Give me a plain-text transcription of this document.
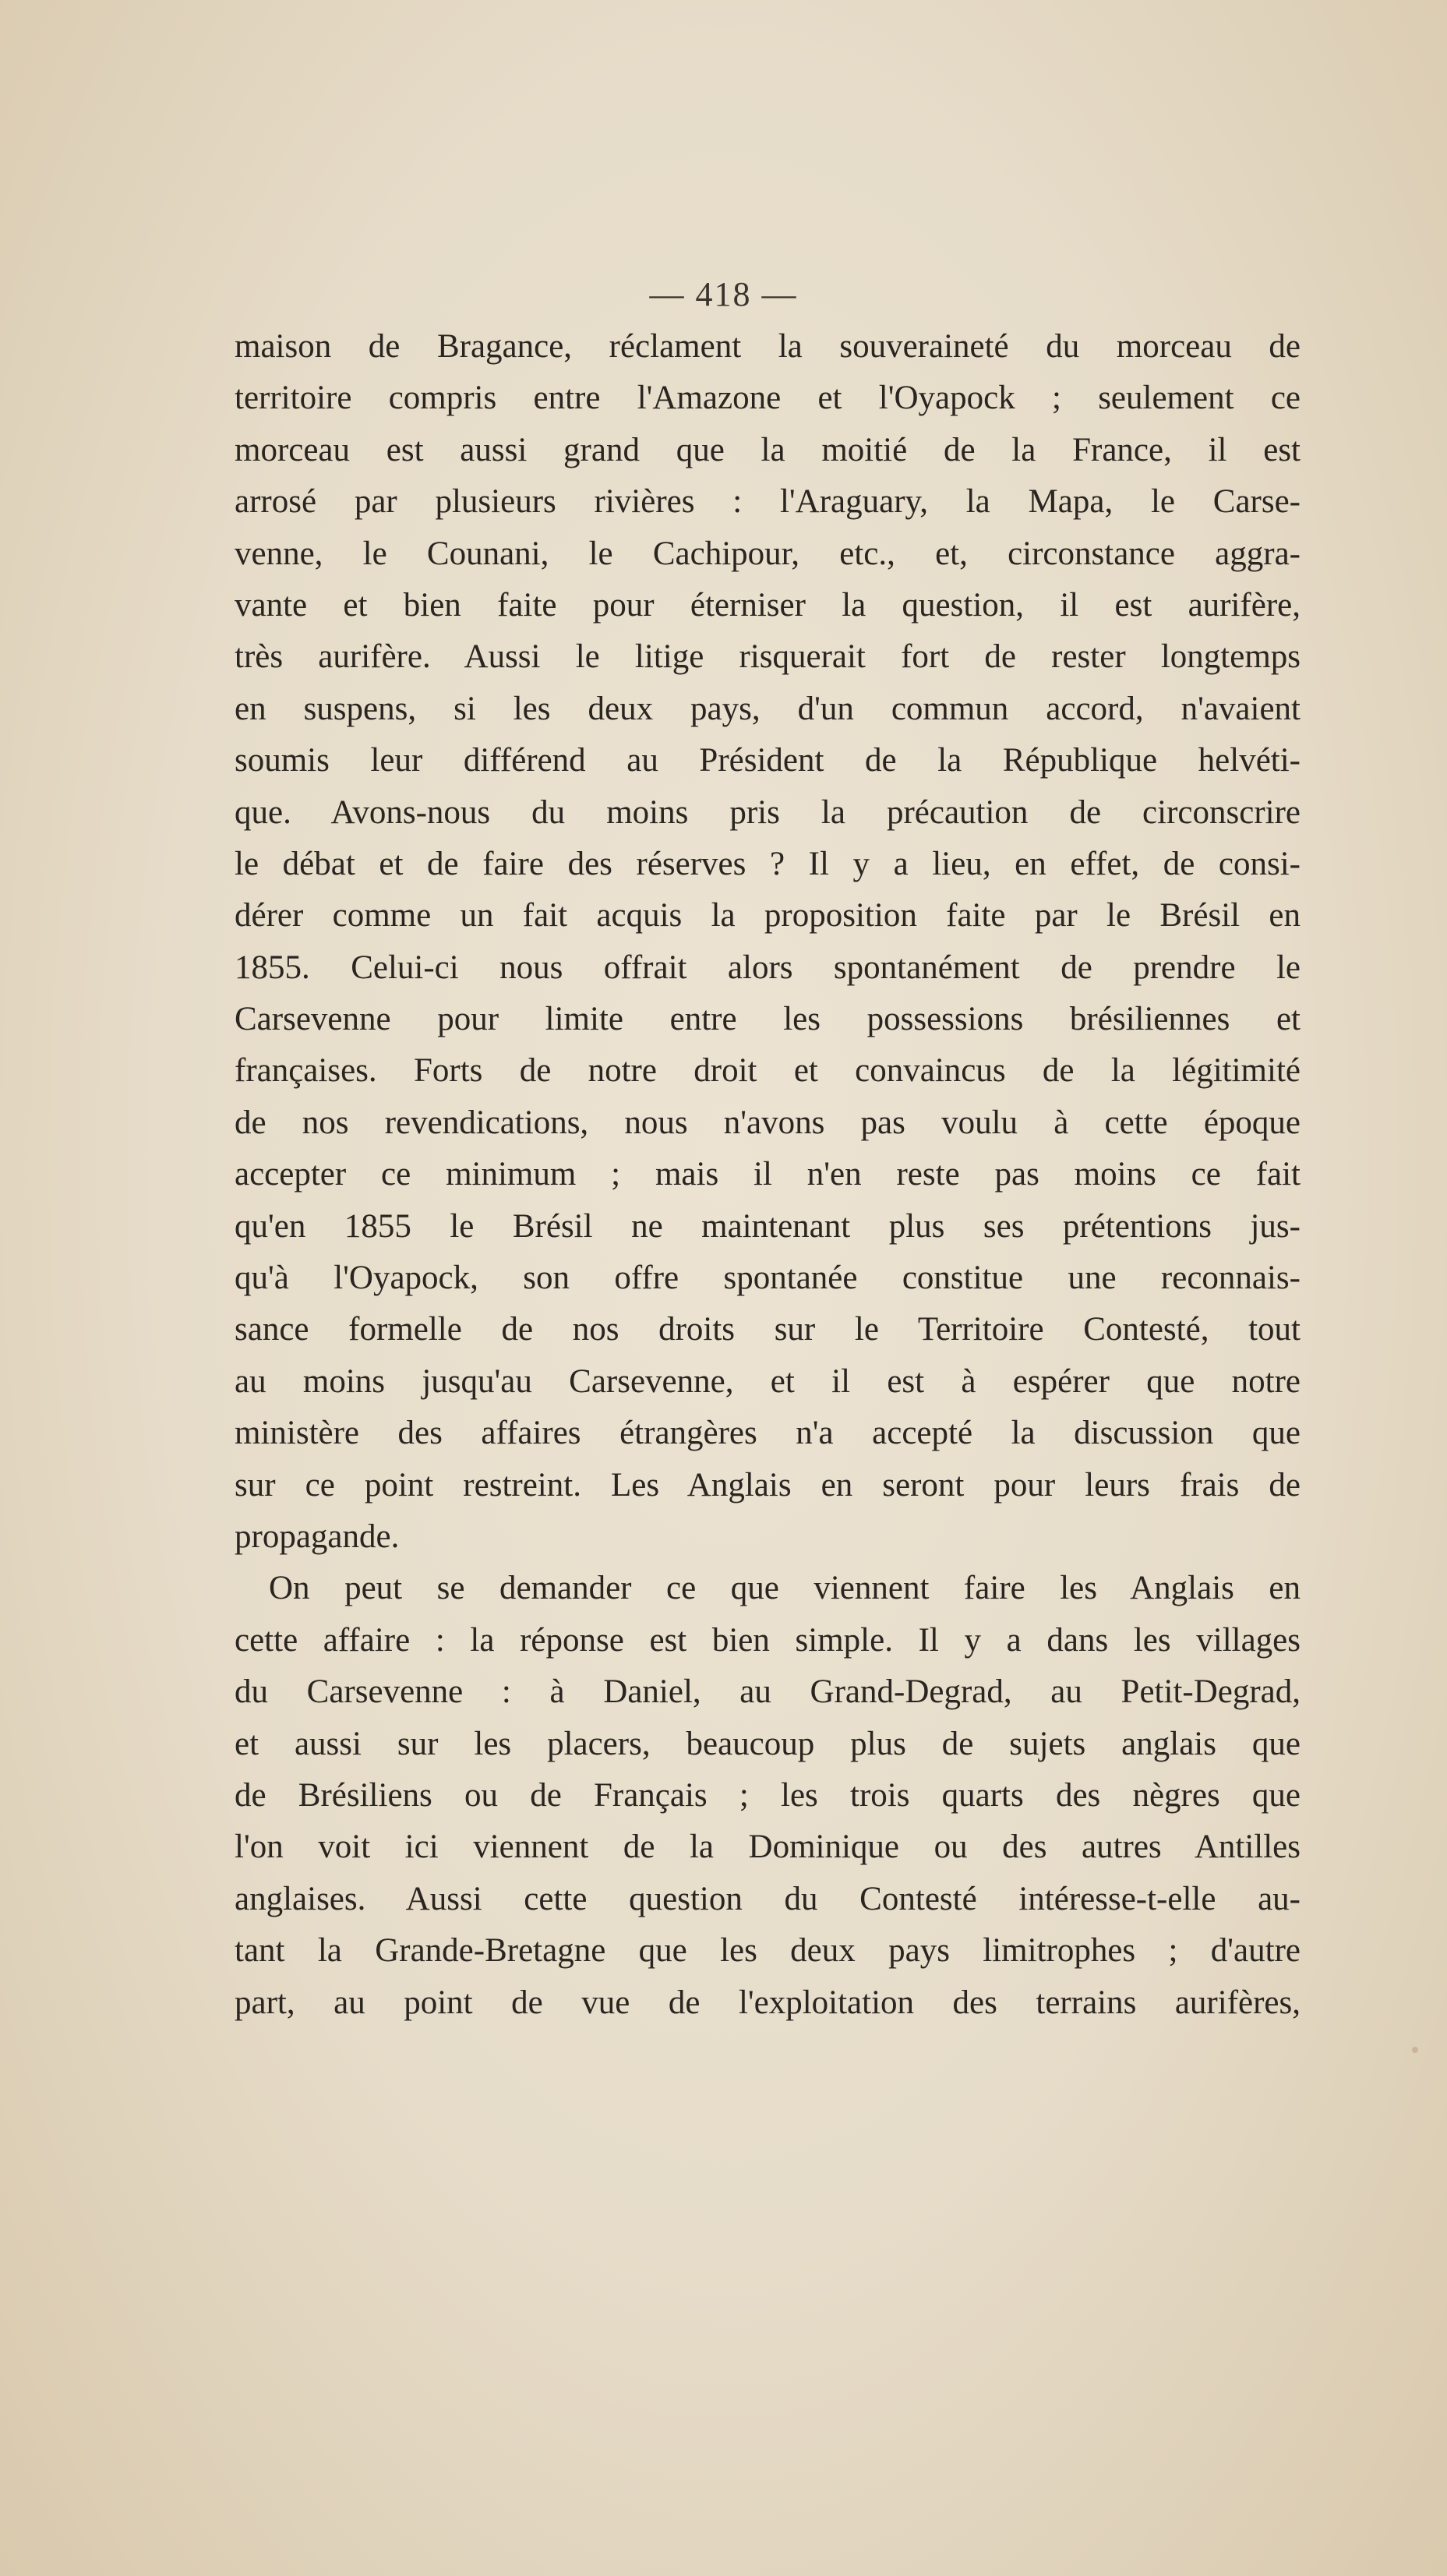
— 418 —
maison de Bragance, réclament la souveraineté du morceau de
territoire compris entre l'Amazone et l'Oyapock ; seulement ce
morceau est aussi grand que la moitié de la France, il est
arrosé par plusieurs rivières : l'Araguary, la Mapa, le Carse-
venne, le Counani, le Cachipour, etc., et, circonstance aggra-
vante et bien faite pour éterniser la question, il est aurifère,
très aurifère. Aussi le litige risquerait fort de rester longtemps
en suspens, si les deux pays, d'un commun accord, n'avaient
soumis leur différend au Président de la République helvéti-
que. Avons-nous du moins pris la précaution de circonscrire
le débat et de faire des réserves ? Il y a lieu, en effet, de consi-
dérer comme un fait acquis la proposition faite par le Brésil en
1855. Celui-ci nous offrait alors spontanément de prendre le
Carsevenne pour limite entre les possessions brésiliennes et
françaises. Forts de notre droit et convaincus de la légitimité
de nos revendications, nous n'avons pas voulu à cette époque
accepter ce minimum ; mais il n'en reste pas moins ce fait
qu'en 1855 le Brésil ne maintenant plus ses prétentions jus-
qu'à l'Oyapock, son offre spontanée constitue une reconnais-
sance formelle de nos droits sur le Territoire Contesté, tout
au moins jusqu'au Carsevenne, et il est à espérer que notre
ministère des affaires étrangères n'a accepté la discussion que
sur ce point restreint. Les Anglais en seront pour leurs frais de
propagande.
On peut se demander ce que viennent faire les Anglais en
cette affaire : la réponse est bien simple. Il y a dans les villages
du Carsevenne : à Daniel, au Grand-Degrad, au Petit-Degrad,
et aussi sur les placers, beaucoup plus de sujets anglais que
de Brésiliens ou de Français ; les trois quarts des nègres que
l'on voit ici viennent de la Dominique ou des autres Antilles
anglaises. Aussi cette question du Contesté intéresse-t-elle au-
tant la Grande-Bretagne que les deux pays limitrophes ; d'autre
part, au point de vue de l'exploitation des terrains aurifères,
